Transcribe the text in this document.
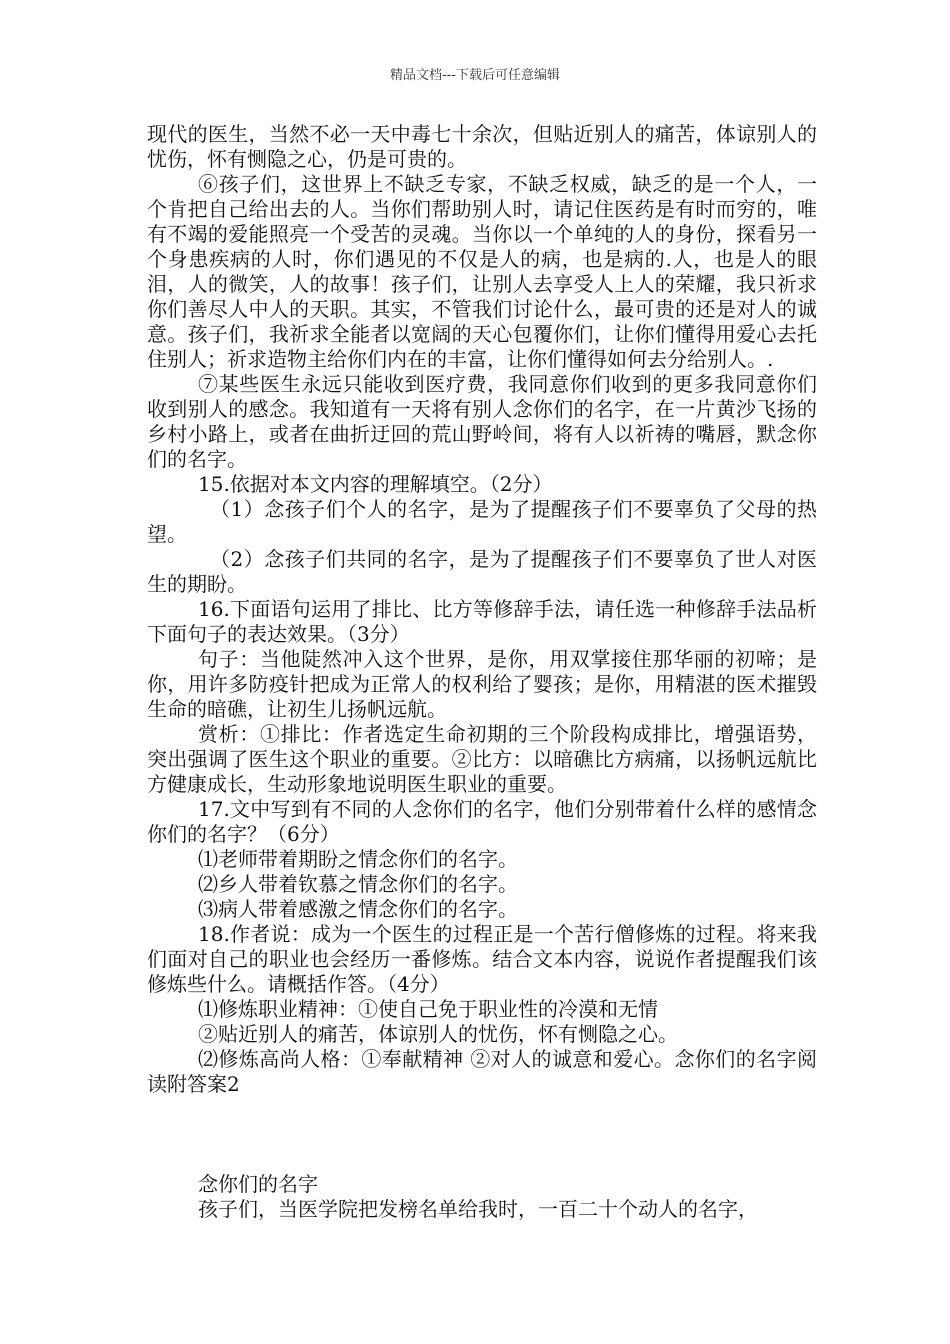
精品文档---下载后可任意编辑

现代的医生，当然不必一天中毒七十余次，但贴近别人的痛苦，体谅别人的忧伤，怀有恻隐之心，仍是可贵的。

⑥孩子们，这世界上不缺乏专家，不缺乏权威，缺乏的是一个人，一个肯把自己给出去的人。当你们帮助别人时，请记住医药是有时而穷的，唯有不竭的爱能照亮一个受苦的灵魂。当你以一个单纯的人的身份，探看另一个身患疾病的人时，你们遇见的不仅是人的病，也是病的.人，也是人的眼泪，人的微笑，人的故事！孩子们，让别人去享受人上人的荣耀，我只祈求你们善尽人中人的天职。其实，不管我们讨论什么，最可贵的还是对人的诚意。孩子们，我祈求全能者以宽阔的天心包覆你们，让你们懂得用爱心去托住别人；祈求造物主给你们内在的丰富，让你们懂得如何去分给别人。.

⑦某些医生永远只能收到医疗费，我同意你们收到的更多我同意你们收到别人的感念。我知道有一天将有别人念你们的名字，在一片黄沙飞扬的乡村小路上，或者在曲折迂回的荒山野岭间，将有人以祈祷的嘴唇，默念你们的名字。

15.依据对本文内容的理解填空。（2分）

（1）念孩子们个人的名字，是为了提醒孩子们不要辜负了父母的热望。

（2）念孩子们共同的名字，是为了提醒孩子们不要辜负了世人对医生的期盼。

16.下面语句运用了排比、比方等修辞手法，请任选一种修辞手法品析下面句子的表达效果。（3分）

句子：当他陡然冲入这个世界，是你，用双掌接住那华丽的初啼；是你，用许多防疫针把成为正常人的权利给了婴孩；是你，用精湛的医术摧毁生命的暗礁，让初生儿扬帆远航。

赏析：①排比：作者选定生命初期的三个阶段构成排比，增强语势，突出强调了医生这个职业的重要。②比方：以暗礁比方病痛，以扬帆远航比方健康成长，生动形象地说明医生职业的重要。

17.文中写到有不同的人念你们的名字，他们分别带着什么样的感情念你们的名字？（6分）

⑴老师带着期盼之情念你们的名字。

⑵乡人带着钦慕之情念你们的名字。

⑶病人带着感激之情念你们的名字。

18.作者说：成为一个医生的过程正是一个苦行僧修炼的过程。将来我们面对自己的职业也会经历一番修炼。结合文本内容，说说作者提醒我们该修炼些什么。请概括作答。（4分）

⑴修炼职业精神：①使自己免于职业性的冷漠和无情

②贴近别人的痛苦，体谅别人的忧伤，怀有恻隐之心。

⑵修炼高尚人格：①奉献精神 ②对人的诚意和爱心。念你们的名字阅读附答案2

念你们的名字

孩子们，当医学院把发榜名单给我时，一百二十个动人的名字，
